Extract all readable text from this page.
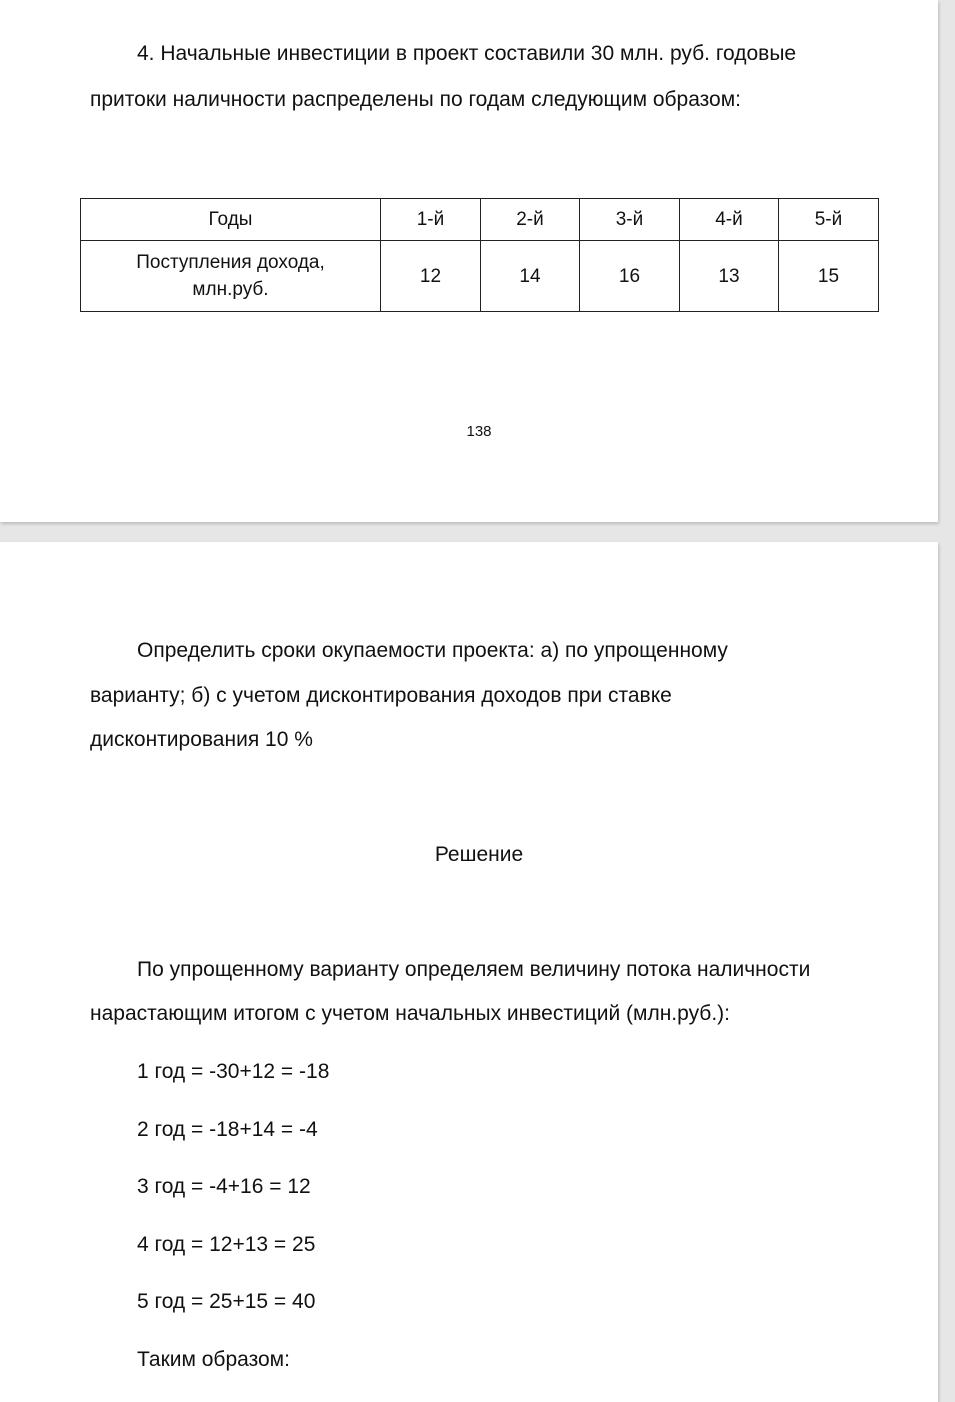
4. Начальные инвестиции в проект составили 30 млн. руб. годовые
притоки наличности распределены по годам следующим образом:
Годы	1-й	2-й	3-й	4-й	5-й

Поступления дохода,
млн.руб.	12	14	16	13	15
138
Определить сроки окупаемости проекта: а) по упрощенному
варианту; б) с учетом дисконтирования доходов при ставке
дисконтирования 10 %
Решение
По упрощенному варианту определяем величину потока наличности
нарастающим итогом с учетом начальных инвестиций (млн.руб.):
1 год = -30+12 = -18
2 год = -18+14 = -4
3 год = -4+16 = 12
4 год = 12+13 = 25
5 год = 25+15 = 40
Таким образом:
